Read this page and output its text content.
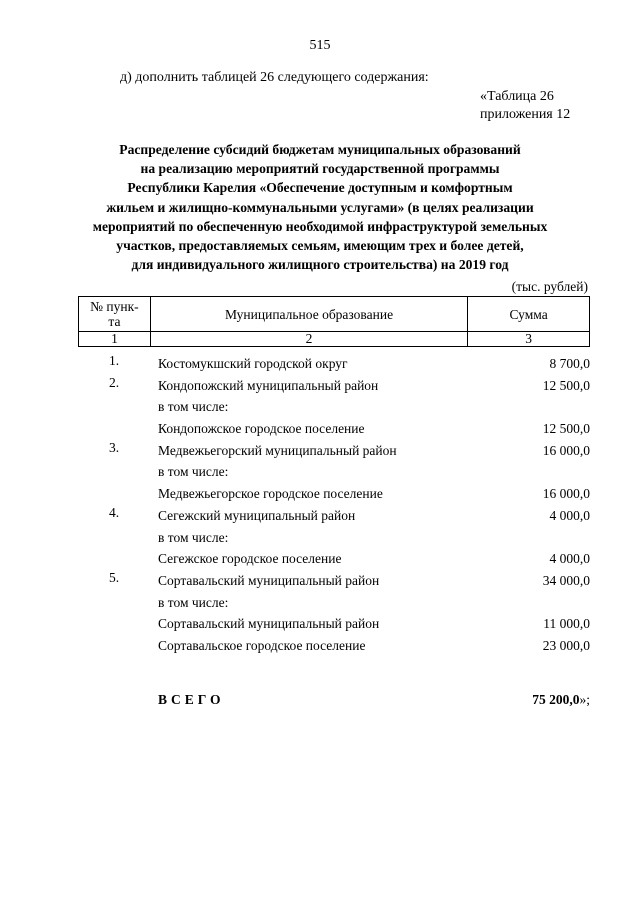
515
д) дополнить таблицей 26 следующего содержания:
«Таблица 26
приложения 12
Распределение субсидий бюджетам муниципальных образований
на реализацию мероприятий государственной программы
Республики Карелия «Обеспечение доступным и комфортным
жильем и жилищно-коммунальными услугами» (в целях реализации
мероприятий по обеспеченную необходимой инфраструктурой земельных
участков, предоставляемых семьям, имеющим трех и более детей,
для индивидуального жилищного строительства) на 2019 год
(тыс. рублей)
№ пунк-
та	Муниципальное образование	Сумма
1	2	3
1.	Костомукшский городской округ	8 700,0
2.	Кондопожский муниципальный район	12 500,0
в том числе:
Кондопожское городское поселение	12 500,0
3.	Медвежьегорский муниципальный район	16 000,0
в том числе:
Медвежьегорское городское поселение	16 000,0
4.	Сегежский муниципальный район	4 000,0
в том числе:
Сегежское городское поселение	4 000,0
5.	Сортавальский муниципальный район	34 000,0
в том числе:
Сортавальский муниципальный район	11 000,0
Сортавальское городское поселение	23 000,0
ВСЕГО	75 200,0»;
